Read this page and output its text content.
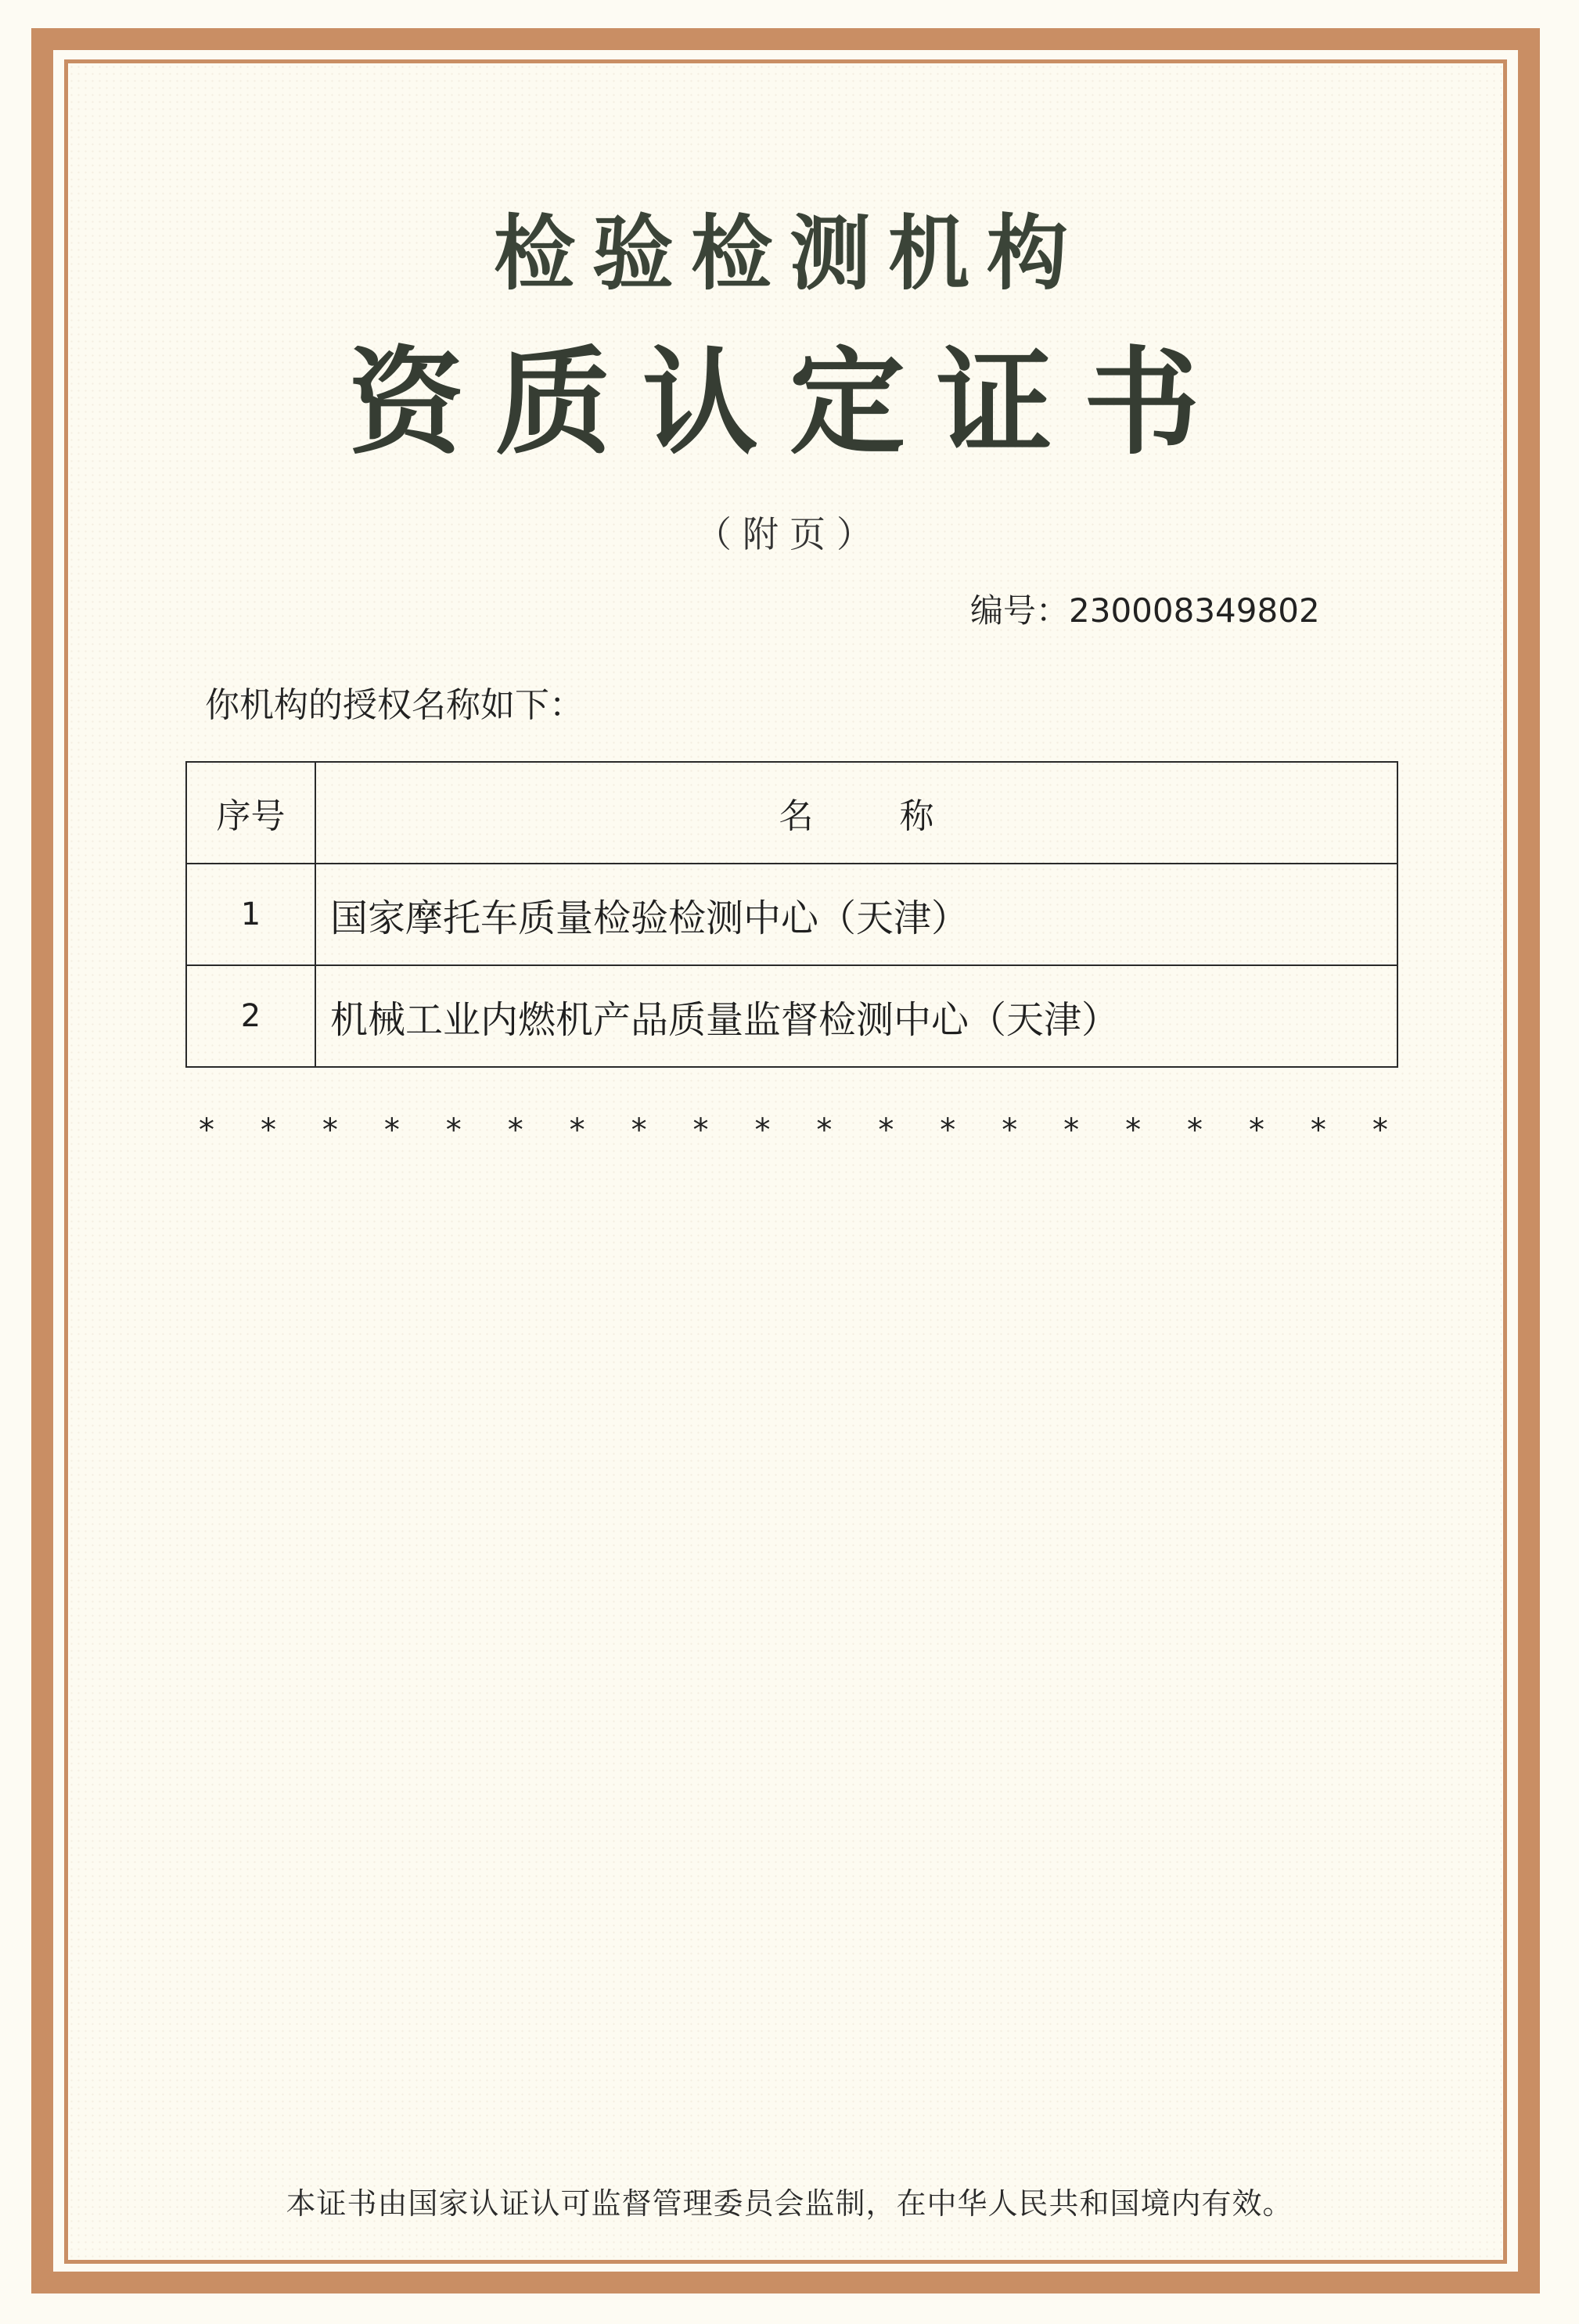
检验检测机构
资质认定证书
（附页）
编号：230008349802
你机构的授权名称如下：
序号	名称
1	国家摩托车质量检验检测中心（天津）
2	机械工业内燃机产品质量监督检测中心（天津）
* * * * * * * * * * * * * * * * * * * *
本证书由国家认证认可监督管理委员会监制，在中华人民共和国境内有效。
